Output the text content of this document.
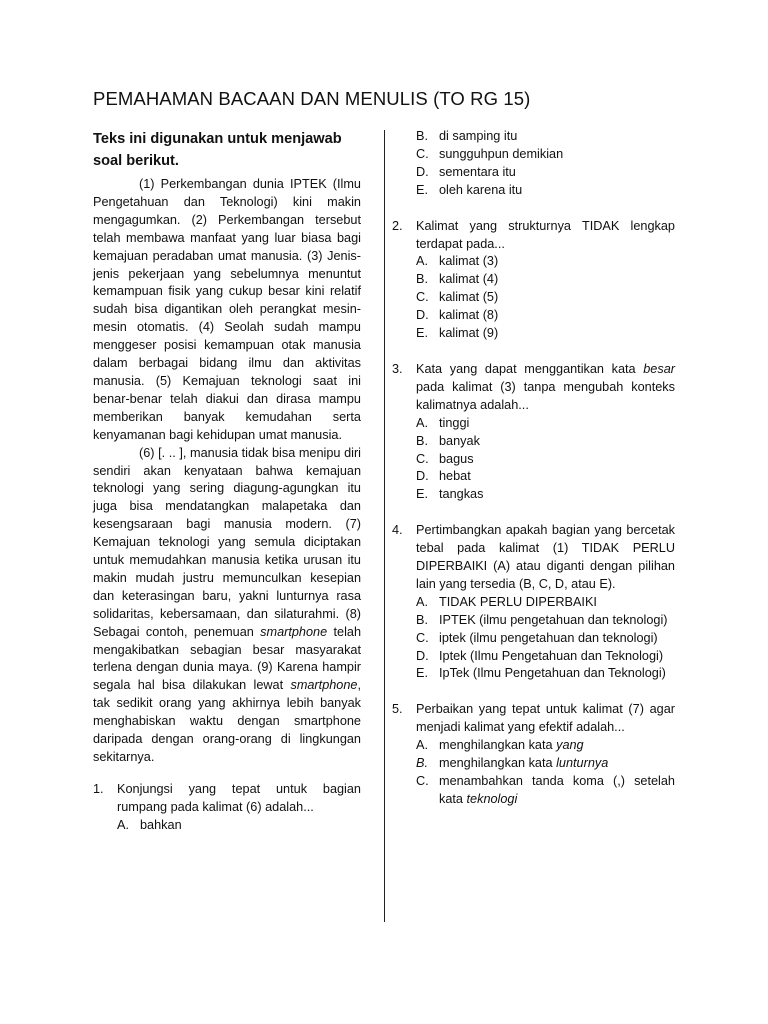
PEMAHAMAN BACAAN DAN MENULIS (TO RG 15)
Teks ini digunakan untuk menjawab soal berikut.

(1) Perkembangan dunia IPTEK (Ilmu Pengetahuan dan Teknologi) kini makin mengagumkan. (2) Perkembangan tersebut telah membawa manfaat yang luar biasa bagi kemajuan peradaban umat manusia. (3) Jenis-jenis pekerjaan yang sebelumnya menuntut kemampuan fisik yang cukup besar kini relatif sudah bisa digantikan oleh perangkat mesin-mesin otomatis. (4) Seolah sudah mampu menggeser posisi kemampuan otak manusia dalam berbagai bidang ilmu dan aktivitas manusia. (5) Kemajuan teknologi saat ini benar-benar telah diakui dan dirasa mampu memberikan banyak kemudahan serta kenyamanan bagi kehidupan umat manusia.

(6) [. .. ], manusia tidak bisa menipu diri sendiri akan kenyataan bahwa kemajuan teknologi yang sering diagung-agungkan itu juga bisa mendatangkan malapetaka dan kesengsaraan bagi manusia modern. (7) Kemajuan teknologi yang semula diciptakan untuk memudahkan manusia ketika urusan itu makin mudah justru memunculkan kesepian dan keterasingan baru, yakni lunturnya rasa solidaritas, kebersamaan, dan silaturahmi. (8) Sebagai contoh, penemuan smartphone telah mengakibatkan sebagian besar masyarakat terlena dengan dunia maya. (9) Karena hampir segala hal bisa dilakukan lewat smartphone, tak sedikit orang yang akhirnya lebih banyak menghabiskan waktu dengan smartphone daripada dengan orang-orang di lingkungan sekitarnya.

1.	Konjungsi yang tepat untuk bagian rumpang pada kalimat (6) adalah...
A. bahkan
B. di samping itu
C. sungguhpun demikian
D. sementara itu
E. oleh karena itu
2.	Kalimat yang strukturnya TIDAK lengkap terdapat pada...
A. kalimat (3)
B. kalimat (4)
C. kalimat (5)
D. kalimat (8)
E. kalimat (9)
3.	Kata yang dapat menggantikan kata besar pada kalimat (3) tanpa mengubah konteks kalimatnya adalah...
A. tinggi
B. banyak
C. bagus
D. hebat
E. tangkas
4.	Pertimbangkan apakah bagian yang bercetak tebal pada kalimat (1) TIDAK PERLU DIPERBAIKI (A) atau diganti dengan pilihan lain yang tersedia (B, C, D, atau E).
A. TIDAK PERLU DIPERBAIKI
B. IPTEK (ilmu pengetahuan dan teknologi)
C. iptek (ilmu pengetahuan dan teknologi)
D. Iptek (Ilmu Pengetahuan dan Teknologi)
E. IpTek (Ilmu Pengetahuan dan Teknologi)
5.	Perbaikan yang tepat untuk kalimat (7) agar menjadi kalimat yang efektif adalah...
A. menghilangkan kata yang
B. menghilangkan kata lunturnya
C. menambahkan tanda koma (,) setelah kata teknologi
